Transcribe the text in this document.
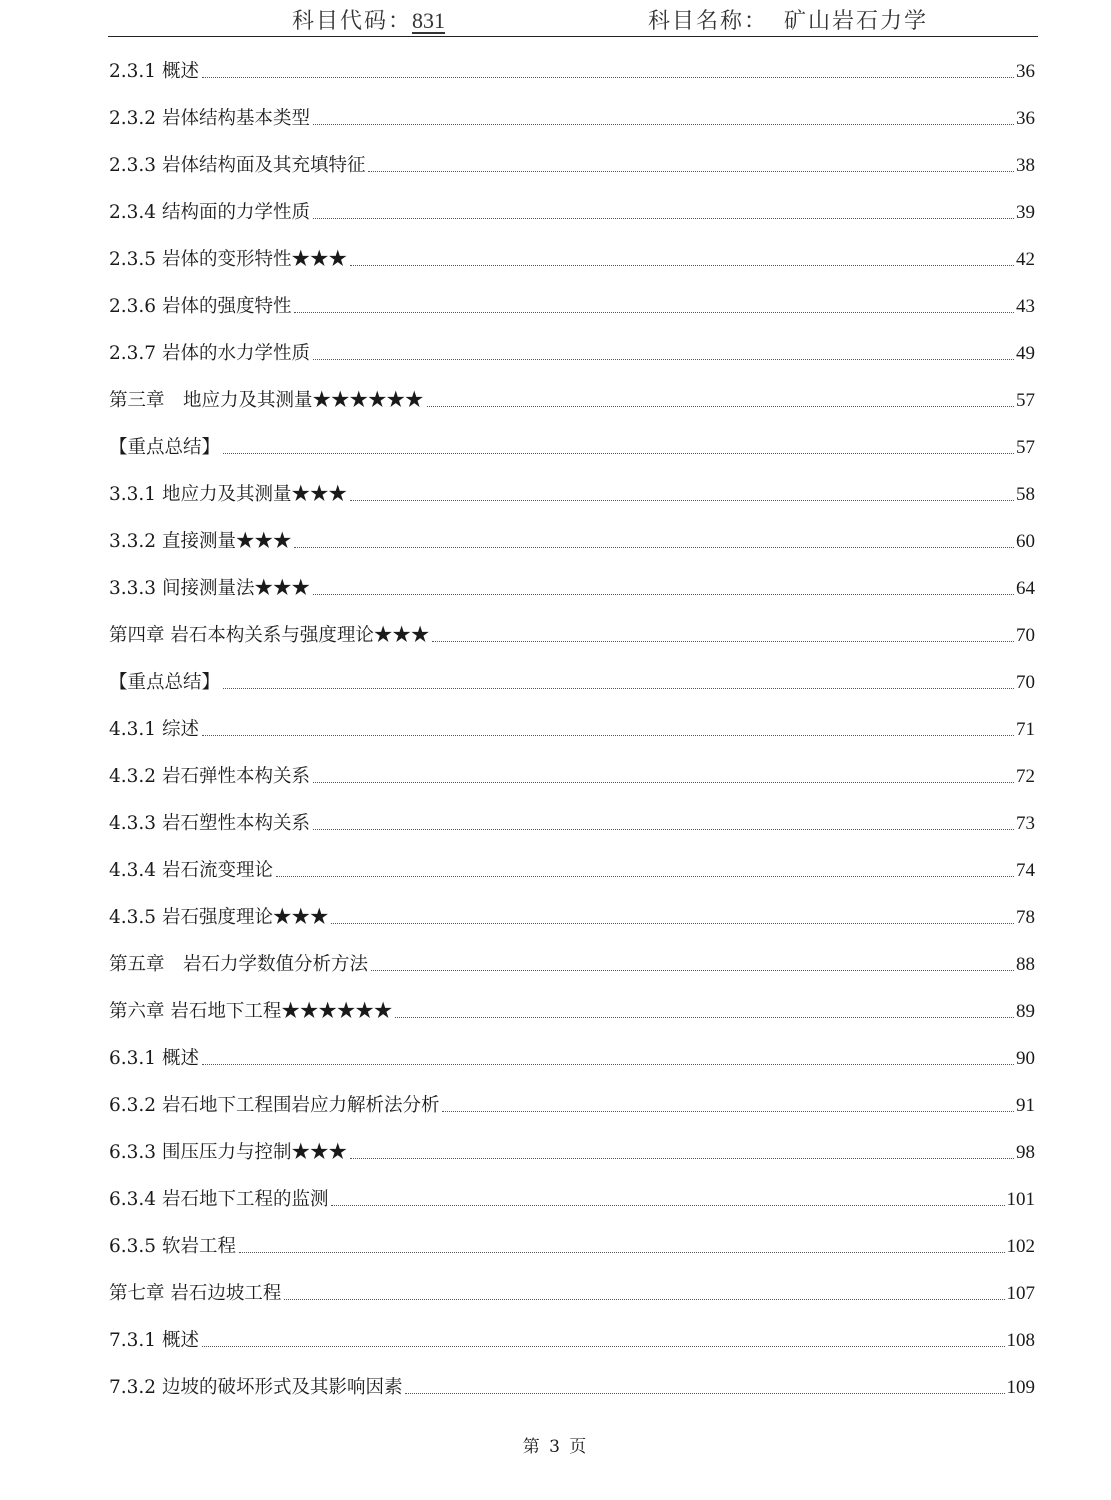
科目代码：831	科目名称： 矿山岩石力学
2.3.1 概述	36
2.3.2 岩体结构基本类型	36
2.3.3 岩体结构面及其充填特征	38
2.3.4 结构面的力学性质	39
2.3.5 岩体的变形特性★★★	42
2.3.6 岩体的强度特性	43
2.3.7 岩体的水力学性质	49
第三章　地应力及其测量★★★★★★	57
【重点总结】	57
3.3.1 地应力及其测量★★★	58
3.3.2 直接测量★★★	60
3.3.3 间接测量法★★★	64
第四章 岩石本构关系与强度理论★★★	70
【重点总结】	70
4.3.1 综述	71
4.3.2 岩石弹性本构关系	72
4.3.3 岩石塑性本构关系	73
4.3.4 岩石流变理论	74
4.3.5 岩石强度理论★★★	78
第五章　岩石力学数值分析方法	88
第六章 岩石地下工程★★★★★★	89
6.3.1 概述	90
6.3.2 岩石地下工程围岩应力解析法分析	91
6.3.3 围压压力与控制★★★	98
6.3.4 岩石地下工程的监测	101
6.3.5 软岩工程	102
第七章 岩石边坡工程	107
7.3.1 概述	108
7.3.2 边坡的破坏形式及其影响因素	109
第 3 页
